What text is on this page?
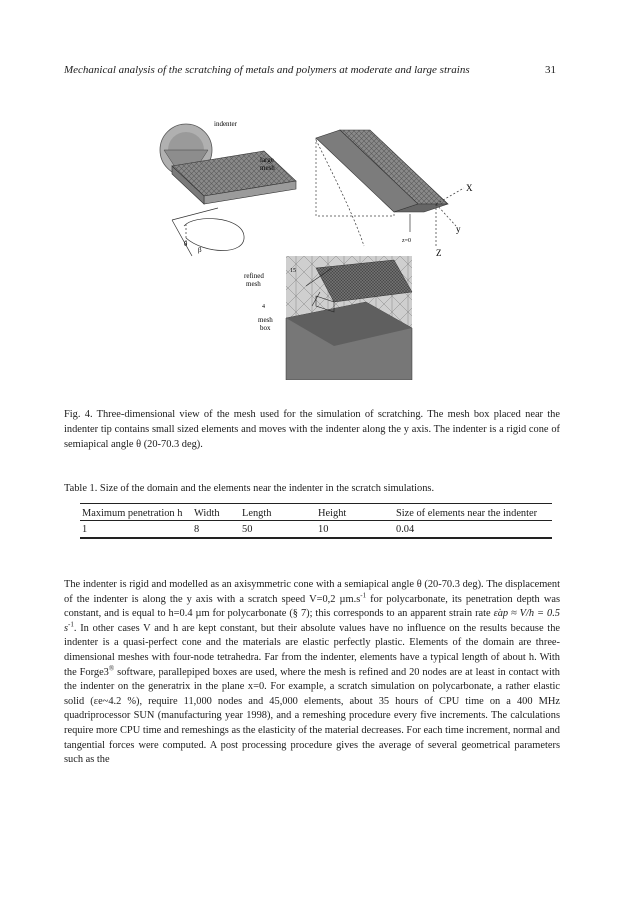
Mechanical analysis of the scratching of metals and polymers at moderate and large strains	31
θ
β
X
y
Z
z=0
indenter
large
mesh
refined
mesh
15
4
mesh
box
Fig. 4. Three-dimensional view of the mesh used for the simulation of scratching. The mesh box placed near the indenter tip contains small sized elements and moves with the indenter along the y axis. The indenter is a rigid cone of semiapical angle θ (20-70.3 deg).
Table 1. Size of the domain and the elements near the indenter in the scratch simulations.
Maximum penetration h	Width	Length	Height	Size of elements near the indenter
1	8	50	10	0.04

The indenter is rigid and modelled as an axisymmetric cone with a semiapical angle θ (20-70.3 deg). The displacement of the indenter is along the y axis with a scratch speed V=0,2 $\mu m.s^{-1}$ for polycarbonate, its penetration depth was constant, and is equal to h=0.4 µm for polycarbonate (§ 7); this corresponds to an apparent strain rate ε̇ap ≈ V/h = 0.5 $s^{-1}$. In other cases V and h are kept constant, but their absolute values have no influence on the results because the indenter is a quasi-perfect cone and the materials are elastic perfectly plastic. Elements of the domain are three-dimensional meshes with four-node tetrahedra. Far from the indenter, elements have a typical length of about h. With the Forge3® software, parallepiped boxes are used, where the mesh is refined and 20 nodes are at least in contact with the indenter on the generatrix in the plane x=0. For example, a scratch simulation on polycarbonate, a rather elastic solid (εe~4.2 %), require 11,000 nodes and 45,000 elements, about 35 hours of CPU time on a 400 MHz quadriprocessor SUN (manufacturing year 1998), and a remeshing procedure every five increments. The calculations require more CPU time and remeshings as the elasticity of the material decreases. For each time increment, normal and tangential forces were computed. A post processing procedure gives the average of several geometrical parameters such as the
